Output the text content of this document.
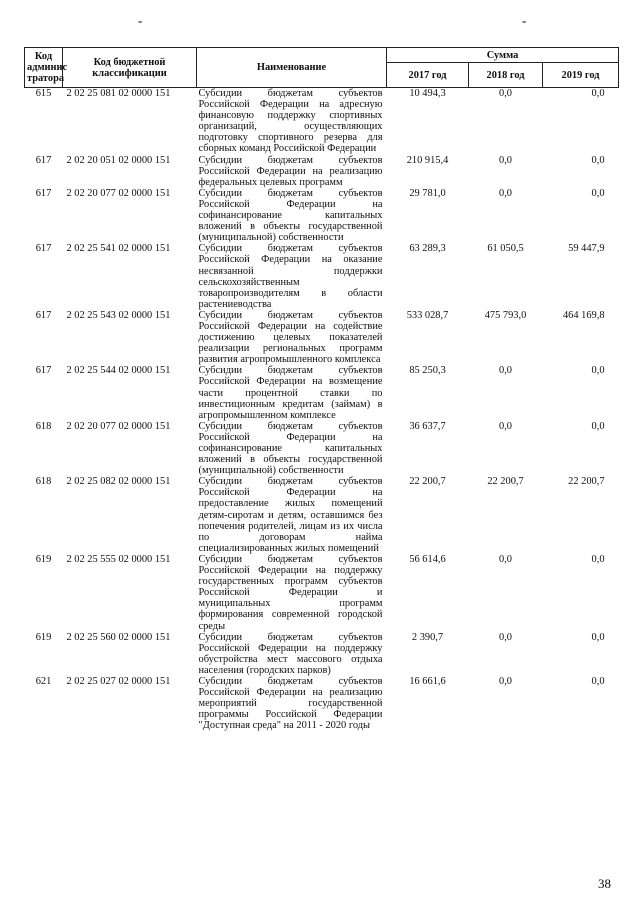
-	-
Код админис тратора	Код бюджетной классификации	Наименование	Сумма		
			2017 год	2018 год	2019 год
615	2 02 25 081 02 0000 151	Субсидии бюджетам субъектов Российской Федерации на адресную финансовую поддержку спортивных организаций, осуществляющих подготовку спортивного резерва для сборных команд Российской Федерации	10 494,3	0,0	0,0
617	2 02 20 051 02 0000 151	Субсидии бюджетам субъектов Российской Федерации на реализацию федеральных целевых программ	210 915,4	0,0	0,0
617	2 02 20 077 02 0000 151	Субсидии бюджетам субъектов Российской Федерации на софинансирование капитальных вложений в объекты государственной (муниципальной) собственности	29 781,0	0,0	0,0
617	2 02 25 541 02 0000 151	Субсидии бюджетам субъектов Российской Федерации на оказание несвязанной поддержки сельскохозяйственным товаропроизводителям в области растениеводства	63 289,3	61 050,5	59 447,9
617	2 02 25 543 02 0000 151	Субсидии бюджетам субъектов Российской Федерации на содействие достижению целевых показателей реализации региональных программ развития агропромышленного комплекса	533 028,7	475 793,0	464 169,8
617	2 02 25 544 02 0000 151	Субсидии бюджетам субъектов Российской Федерации на возмещение части процентной ставки по инвестиционным кредитам (займам) в агропромышленном комплексе	85 250,3	0,0	0,0
618	2 02 20 077 02 0000 151	Субсидии бюджетам субъектов Российской Федерации на софинансирование капитальных вложений в объекты государственной (муниципальной) собственности	36 637,7	0,0	0,0
618	2 02 25 082 02 0000 151	Субсидии бюджетам субъектов Российской Федерации на предоставление жилых помещений детям-сиротам и детям, оставшимся без попечения родителей, лицам из их числа по договорам найма специализированных жилых помещений	22 200,7	22 200,7	22 200,7
619	2 02 25 555 02 0000 151	Субсидии бюджетам субъектов Российской Федерации на поддержку государственных программ субъектов Российской Федерации и муниципальных программ формирования современной городской среды	56 614,6	0,0	0,0
619	2 02 25 560 02 0000 151	Субсидии бюджетам субъектов Российской Федерации на поддержку обустройства мест массового отдыха населения (городских парков)	2 390,7	0,0	0,0
621	2 02 25 027 02 0000 151	Субсидии бюджетам субъектов Российской Федерации на реализацию мероприятий государственной программы Российской Федерации "Доступная среда" на 2011 - 2020 годы	16 661,6	0,0	0,0
38
